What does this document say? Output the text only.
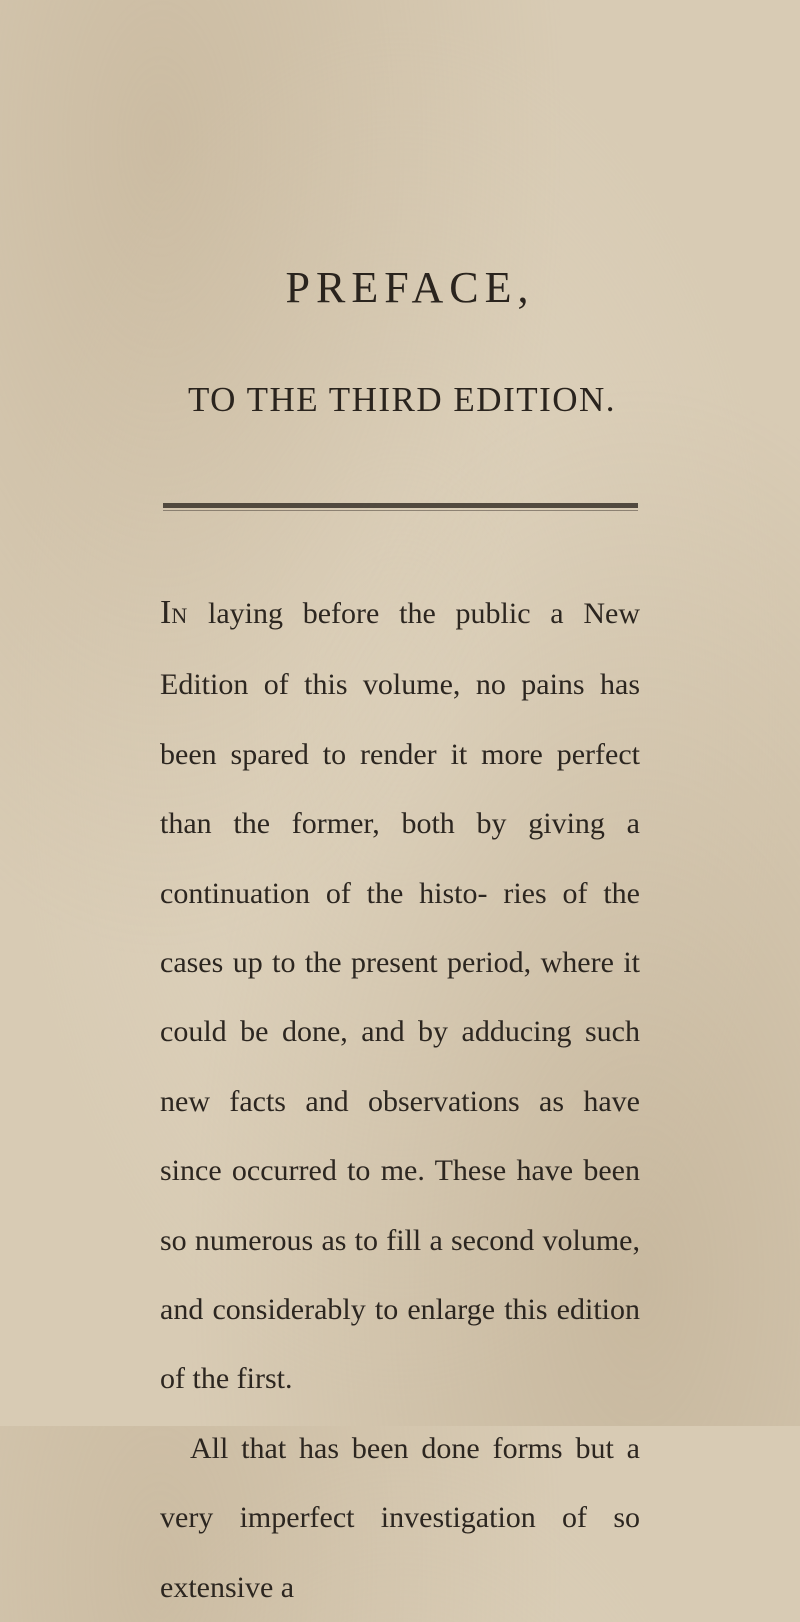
PREFACE,
TO THE THIRD EDITION.

IN laying before the public a New Edition of this volume, no pains has been spared to render it more perfect than the former, both by giving a continuation of the histo- ries of the cases up to the present period, where it could be done, and by adducing such new facts and observations as have since occurred to me. These have been so numerous as to fill a second volume, and considerably to enlarge this edition of the first.

All that has been done forms but a very imperfect investigation of so extensive a
